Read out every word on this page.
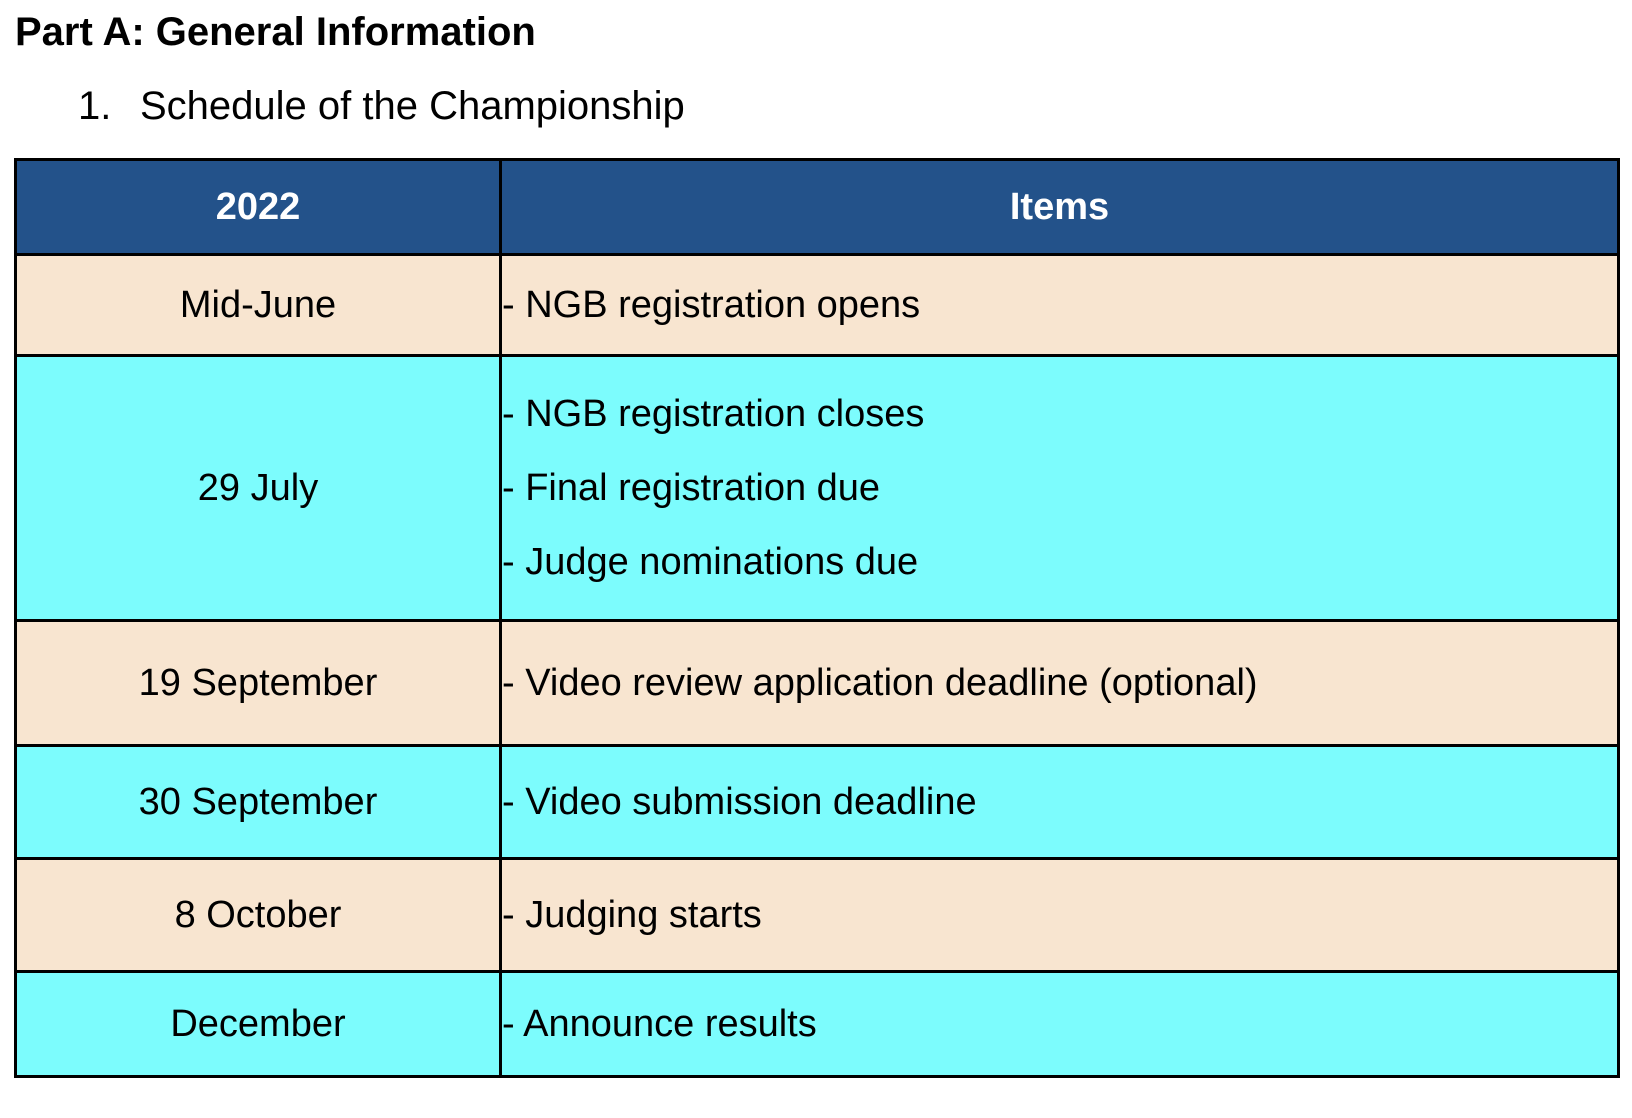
Part A: General Information
1. Schedule of the Championship
2022	Items
Mid-June	- NGB registration opens

29 July	- NGB registration closes
- Final registration due
- Judge nominations due

19 September	- Video review application deadline (optional)

30 September	- Video submission deadline

8 October	- Judging starts

December	- Announce results
